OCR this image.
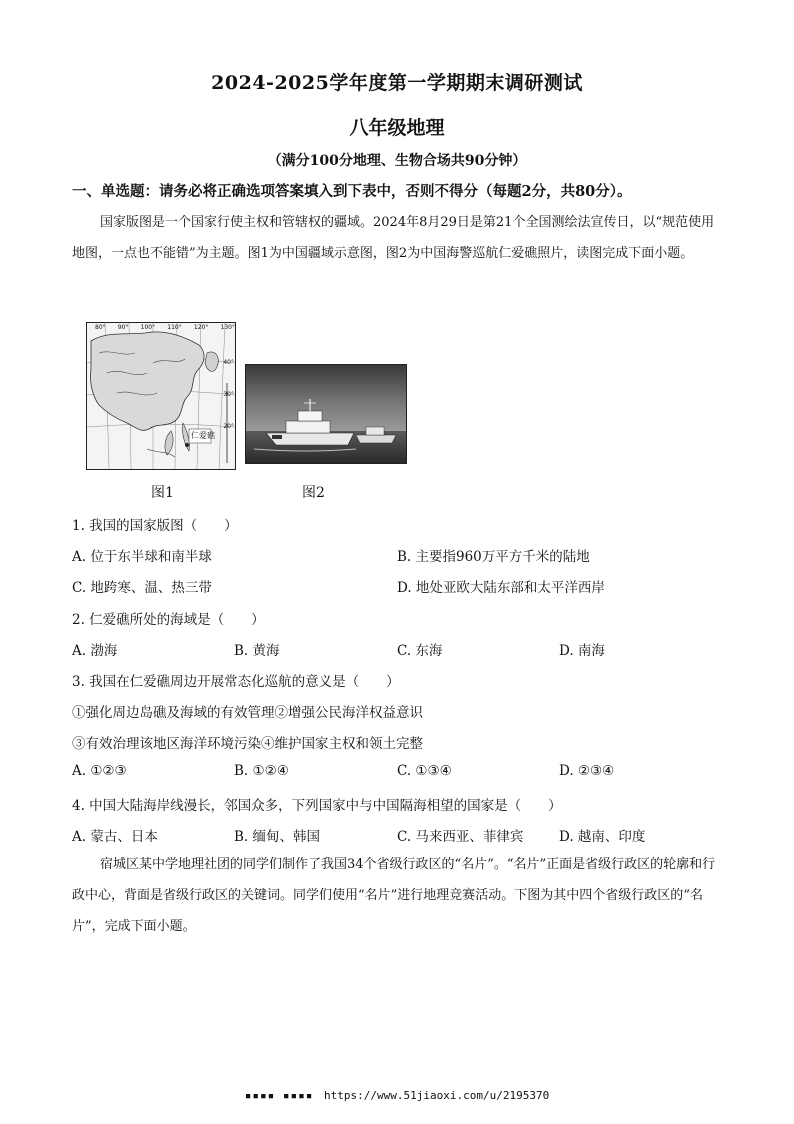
2024-2025学年度第一学期期末调研测试
八年级地理
（满分100分地理、生物合场共90分钟）
一、单选题：请务必将正确选项答案填入到下表中，否则不得分（每题2分，共80分）。
国家版图是一个国家行使主权和管辖权的疆域。2024年8月29日是第21个全国测绘法宣传日，以“规范使用地图，一点也不能错”为主题。图1为中国疆域示意图，图2为中国海警巡航仁爱礁照片，读图完成下面小题。
仁爱礁
80° 90° 100° 110° 120° 130°
40°
30°
20°
图1	图2
1. 我国的国家版图（　　）
A. 位于东半球和南半球	B. 主要指960万平方千米的陆地
C. 地跨寒、温、热三带	D. 地处亚欧大陆东部和太平洋西岸
2. 仁爱礁所处的海域是（　　）
A. 渤海	B. 黄海	C. 东海	D. 南海
3. 我国在仁爱礁周边开展常态化巡航的意义是（　　）
①强化周边岛礁及海域的有效管理②增强公民海洋权益意识
③有效治理该地区海洋环境污染④维护国家主权和领土完整
A. ①②③	B. ①②④	C. ①③④	D. ②③④
4. 中国大陆海岸线漫长，邻国众多，下列国家中与中国隔海相望的国家是（　　）
A. 蒙古、日本	B. 缅甸、韩国	C. 马来西亚、菲律宾	D. 越南、印度
宿城区某中学地理社团的同学们制作了我国34个省级行政区的“名片”。“名片”正面是省级行政区的轮廓和行政中心，背面是省级行政区的关键词。同学们使用“名片”进行地理竞赛活动。下图为其中四个省级行政区的“名片”，完成下面小题。
▪▪▪▪ ▪▪▪▪ https://www.51jiaoxi.com/u/2195370
